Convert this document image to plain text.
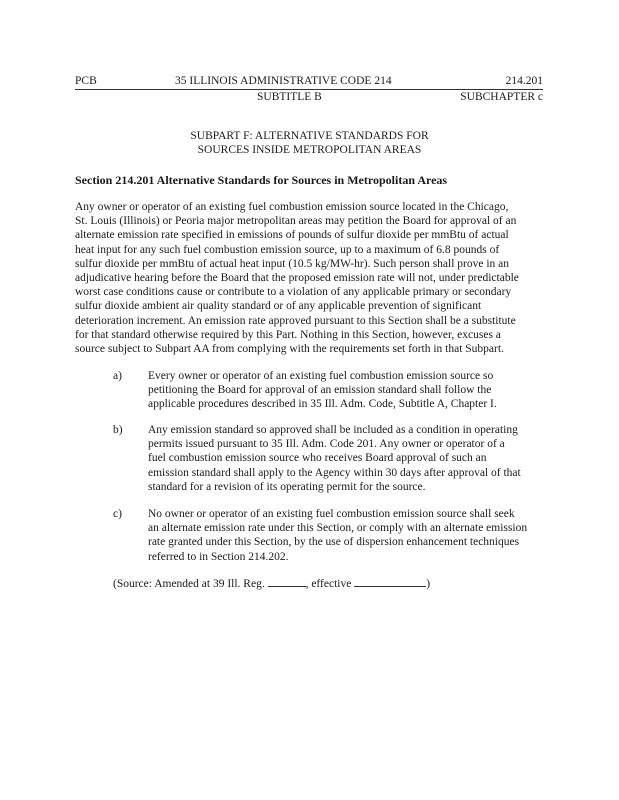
PCB	35 ILLINOIS ADMINISTRATIVE CODE 214	214.201
SUBTITLE B	SUBCHAPTER c
SUBPART F: ALTERNATIVE STANDARDS FOR
SOURCES INSIDE METROPOLITAN AREAS
Section 214.201 Alternative Standards for Sources in Metropolitan Areas

Any owner or operator of an existing fuel combustion emission source located in the Chicago,

St. Louis (Illinois) or Peoria major metropolitan areas may petition the Board for approval of an

alternate emission rate specified in emissions of pounds of sulfur dioxide per mmBtu of actual

heat input for any such fuel combustion emission source, up to a maximum of 6.8 pounds of

sulfur dioxide per mmBtu of actual heat input (10.5 kg/MW-hr). Such person shall prove in an

adjudicative hearing before the Board that the proposed emission rate will not, under predictable

worst case conditions cause or contribute to a violation of any applicable primary or secondary

sulfur dioxide ambient air quality standard or of any applicable prevention of significant

deterioration increment. An emission rate approved pursuant to this Section shall be a substitute

for that standard otherwise required by this Part. Nothing in this Section, however, excuses a

source subject to Subpart AA from complying with the requirements set forth in that Subpart.

a) Every owner or operator of an existing fuel combustion emission source so

petitioning the Board for approval of an emission standard shall follow the

applicable procedures described in 35 Ill. Adm. Code, Subtitle A, Chapter I.

b) Any emission standard so approved shall be included as a condition in operating

permits issued pursuant to 35 Ill. Adm. Code 201. Any owner or operator of a

fuel combustion emission source who receives Board approval of such an

emission standard shall apply to the Agency within 30 days after approval of that

standard for a revision of its operating permit for the source.

c) No owner or operator of an existing fuel combustion emission source shall seek

an alternate emission rate under this Section, or comply with an alternate emission

rate granted under this Section, by the use of dispersion enhancement techniques

referred to in Section 214.202.

(Source: Amended at 39 Ill. Reg.	, effective	)
